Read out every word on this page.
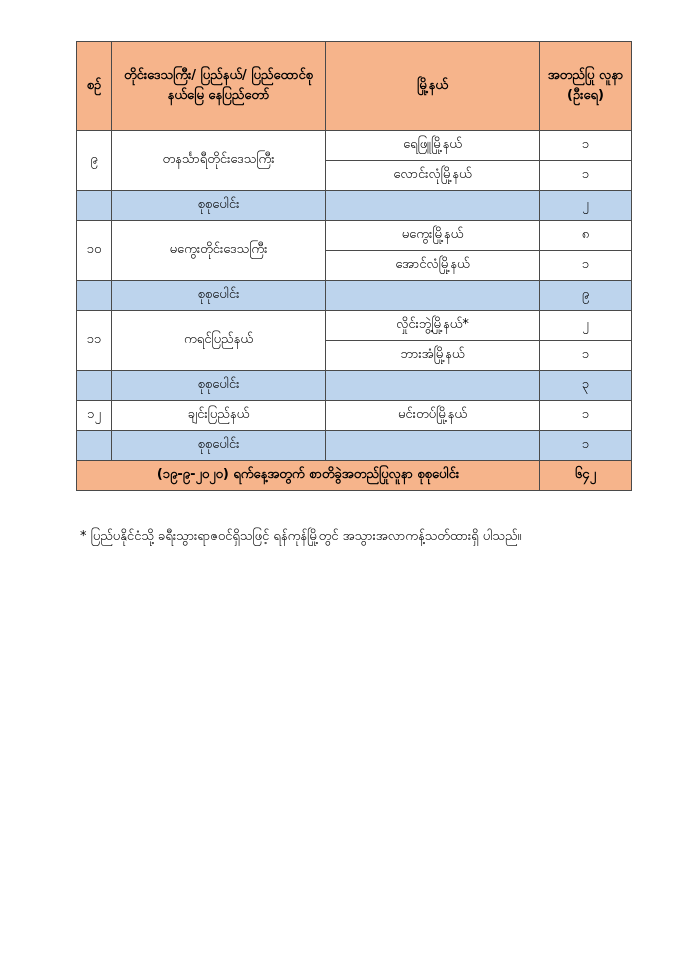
စဉ်	တိုင်းဒေသကြီး/ ပြည်နယ်/ ပြည်ထောင်စုနယ်မြေ နေပြည်တော်	မြို့နယ်	အတည်ပြု လူနာ (ဦးရေ)
၉	တနင်္သာရီတိုင်းဒေသကြီး	ရေဖြူမြို့နယ်	၁
		လောင်းလုံမြို့နယ်	၁
	စုစုပေါင်း		၂
၁၀	မကွေးတိုင်းဒေသကြီး	မကွေးမြို့နယ်	၈
		အောင်လံမြို့နယ်	၁
	စုစုပေါင်း		၉
၁၁	ကရင်ပြည်နယ်	လှိုင်းဘွဲ့မြို့နယ်*	၂
		ဘားအံမြို့နယ်	၁
	စုစုပေါင်း		၃
၁၂	ချင်းပြည်နယ်	မင်းတပ်မြို့နယ်	၁
	စုစုပေါင်း		၁
(၁၉-၉-၂၀၂၀) ရက်နေ့အတွက် စာတိခွဲအတည်ပြုလူနာ စုစုပေါင်း			၆၄၂
* ပြည်ပနိုင်ငံသို့ ခရီးသွားရာဇဝင်ရှိသဖြင့် ရန်ကုန်မြို့တွင် အသွားအလာကန့်သတ်ထားရှိ ပါသည်။
